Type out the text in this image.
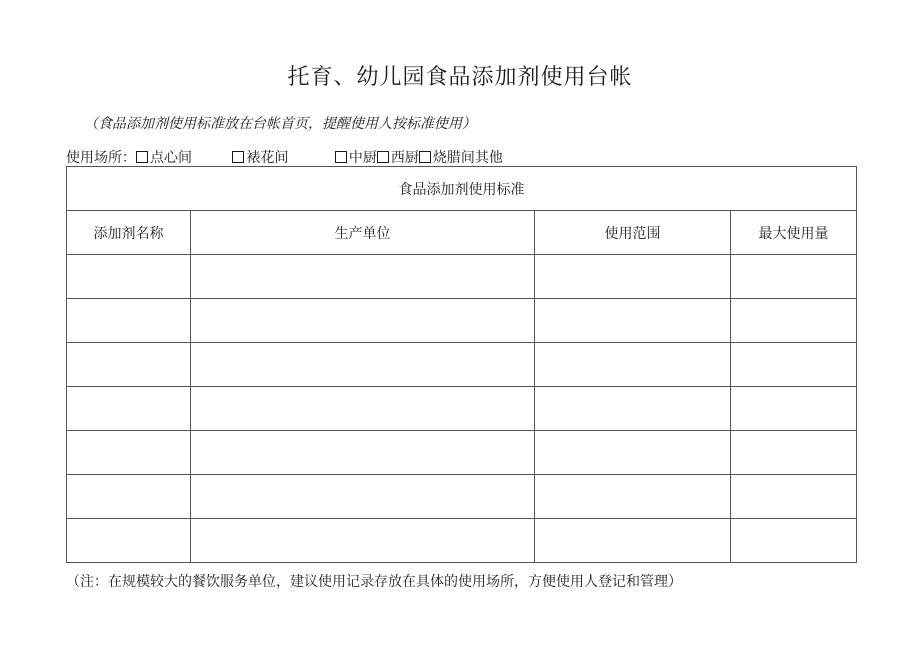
托育、幼儿园食品添加剂使用台帐
（食品添加剂使用标准放在台帐首页，提醒使用人按标准使用）
使用场所： 点心间	裱花间	中厨 西厨 烧腊间其他
食品添加剂使用标准			
添加剂名称	生产单位	使用范围	最大使用量

（注：在规模较大的餐饮服务单位，建议使用记录存放在具体的使用场所，方便使用人登记和管理）
